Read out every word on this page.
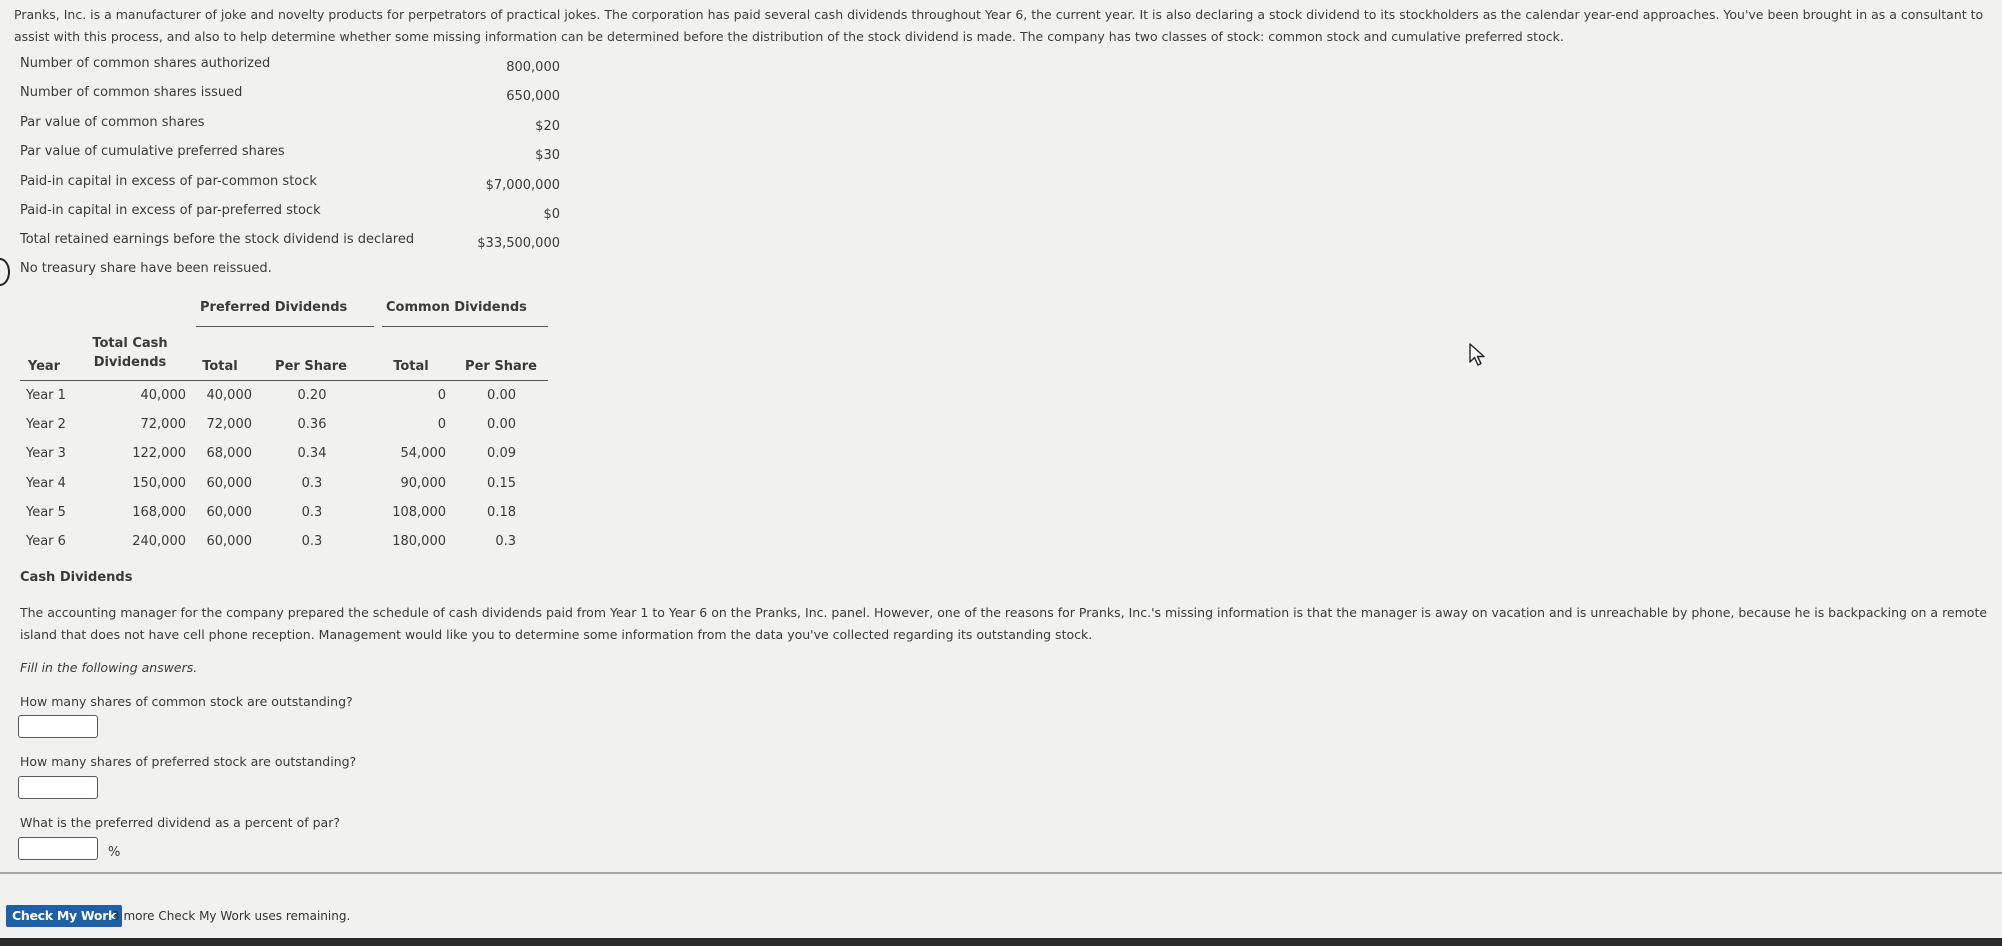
Pranks, Inc. is a manufacturer of joke and novelty products for perpetrators of practical jokes. The corporation has paid several cash dividends throughout Year 6, the current year. It is also declaring a stock dividend to its stockholders as the calendar year-end approaches. You've been brought in as a consultant to assist with this process, and also to help determine whether some missing information can be determined before the distribution of the stock dividend is made. The company has two classes of stock: common stock and cumulative preferred stock.
Number of common shares authorized	800,000
Number of common shares issued	650,000
Par value of common shares	$20
Par value of cumulative preferred shares	$30
Paid-in capital in excess of par-common stock	$7,000,000
Paid-in capital in excess of par-preferred stock	$0
Total retained earnings before the stock dividend is declared	$33,500,000
No treasury share have been reissued.
Preferred Dividends	Common Dividends
Year
Total Cash
Dividends	Total	Per Share	Total	Per Share
Year 1	40,000	40,000	0.20	0	0.00
Year 2	72,000	72,000	0.36	0	0.00
Year 3	122,000	68,000	0.34	54,000	0.09
Year 4	150,000	60,000	0.3	90,000	0.15
Year 5	168,000	60,000	0.3	108,000	0.18
Year 6	240,000	60,000	0.3	180,000	0.3
Cash Dividends
The accounting manager for the company prepared the schedule of cash dividends paid from Year 1 to Year 6 on the Pranks, Inc. panel. However, one of the reasons for Pranks, Inc.'s missing information is that the manager is away on vacation and is unreachable by phone, because he is backpacking on a remote island that does not have cell phone reception. Management would like you to determine some information from the data you've collected regarding its outstanding stock.
Fill in the following answers.
How many shares of common stock are outstanding?
How many shares of preferred stock are outstanding?
What is the preferred dividend as a percent of par?
%
Check My Work
3 more Check My Work uses remaining.
